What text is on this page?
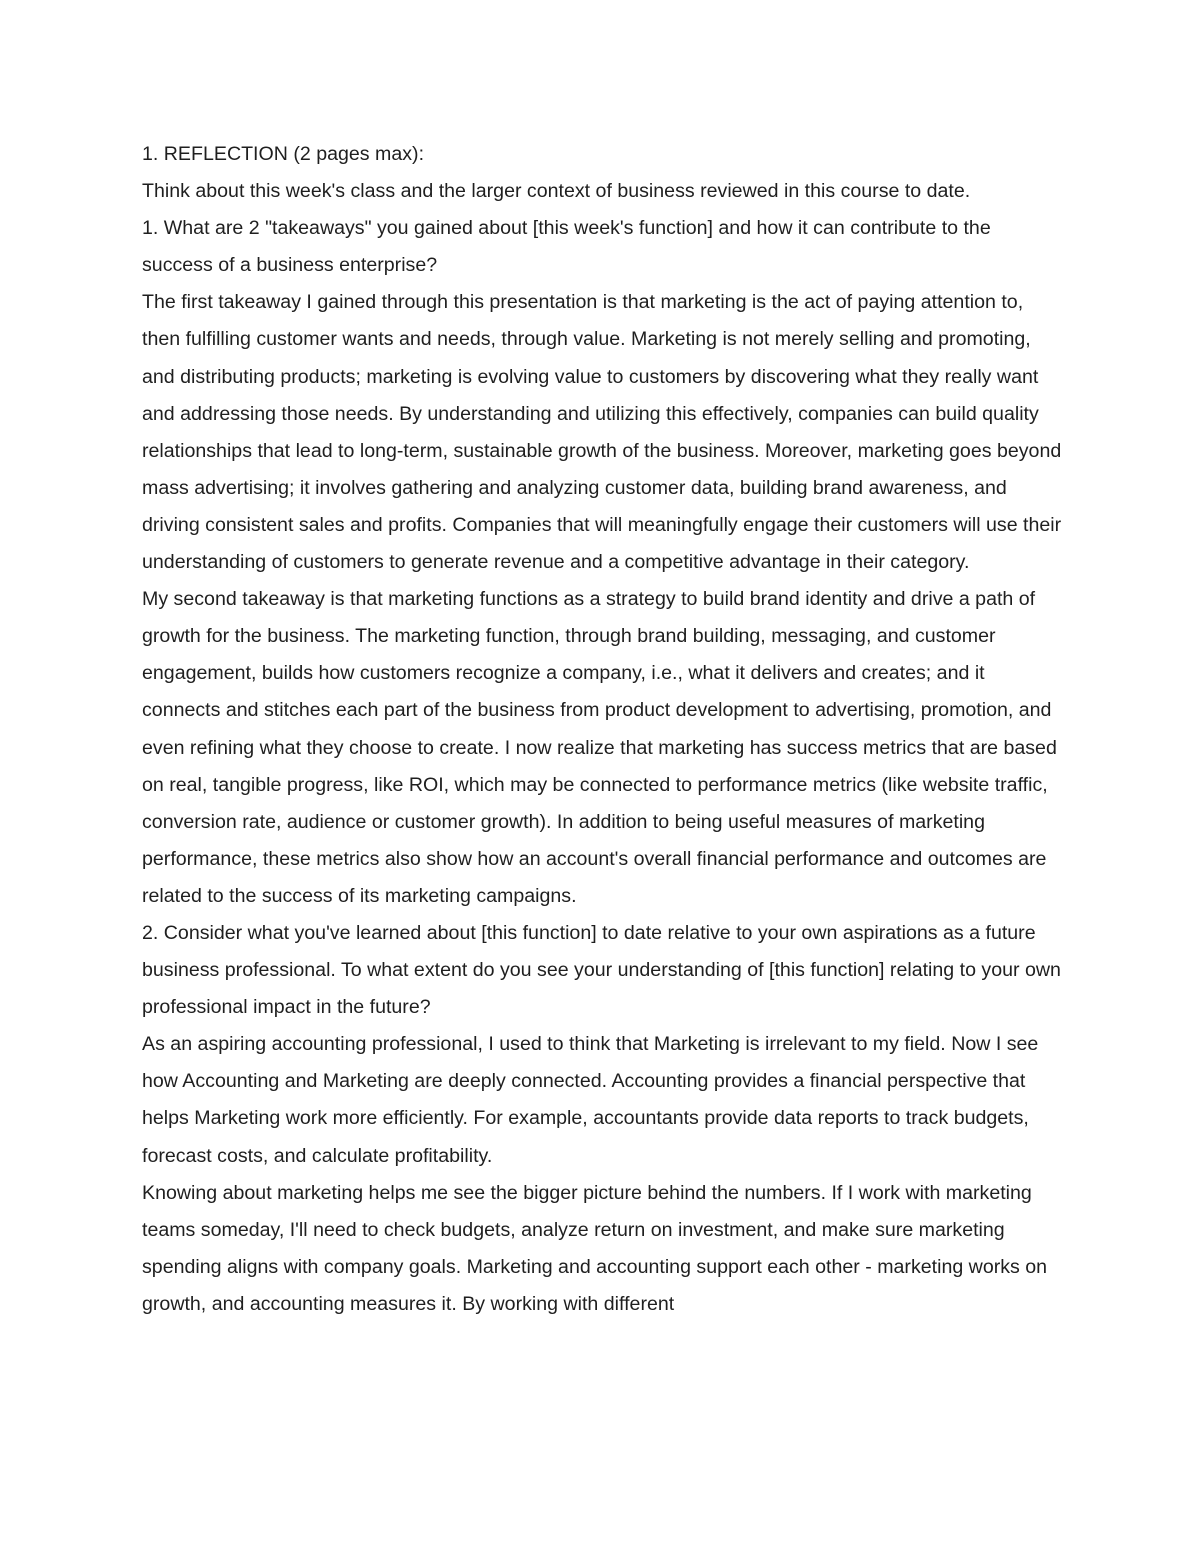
1. REFLECTION (2 pages max):

Think about this week's class and the larger context of business reviewed in this course to date.

1. What are 2 "takeaways" you gained about [this week's function] and how it can contribute to the success of a business enterprise?

The first takeaway I gained through this presentation is that marketing is the act of paying attention to, then fulfilling customer wants and needs, through value. Marketing is not merely selling and promoting, and distributing products; marketing is evolving value to customers by discovering what they really want and addressing those needs. By understanding and utilizing this effectively, companies can build quality relationships that lead to long-term, sustainable growth of the business. Moreover, marketing goes beyond mass advertising; it involves gathering and analyzing customer data, building brand awareness, and driving consistent sales and profits. Companies that will meaningfully engage their customers will use their understanding of customers to generate revenue and a competitive advantage in their category.

My second takeaway is that marketing functions as a strategy to build brand identity and drive a path of growth for the business. The marketing function, through brand building, messaging, and customer engagement, builds how customers recognize a company, i.e., what it delivers and creates; and it connects and stitches each part of the business from product development to advertising, promotion, and even refining what they choose to create. I now realize that marketing has success metrics that are based on real, tangible progress, like ROI, which may be connected to performance metrics (like website traffic, conversion rate, audience or customer growth). In addition to being useful measures of marketing performance, these metrics also show how an account's overall financial performance and outcomes are related to the success of its marketing campaigns.

2. Consider what you've learned about [this function] to date relative to your own aspirations as a future business professional. To what extent do you see your understanding of [this function] relating to your own professional impact in the future?

As an aspiring accounting professional, I used to think that Marketing is irrelevant to my field. Now I see how Accounting and Marketing are deeply connected. Accounting provides a financial perspective that helps Marketing work more efficiently. For example, accountants provide data reports to track budgets, forecast costs, and calculate profitability.

Knowing about marketing helps me see the bigger picture behind the numbers. If I work with marketing teams someday, I'll need to check budgets, analyze return on investment, and make sure marketing spending aligns with company goals. Marketing and accounting support each other - marketing works on growth, and accounting measures it. By working with different
